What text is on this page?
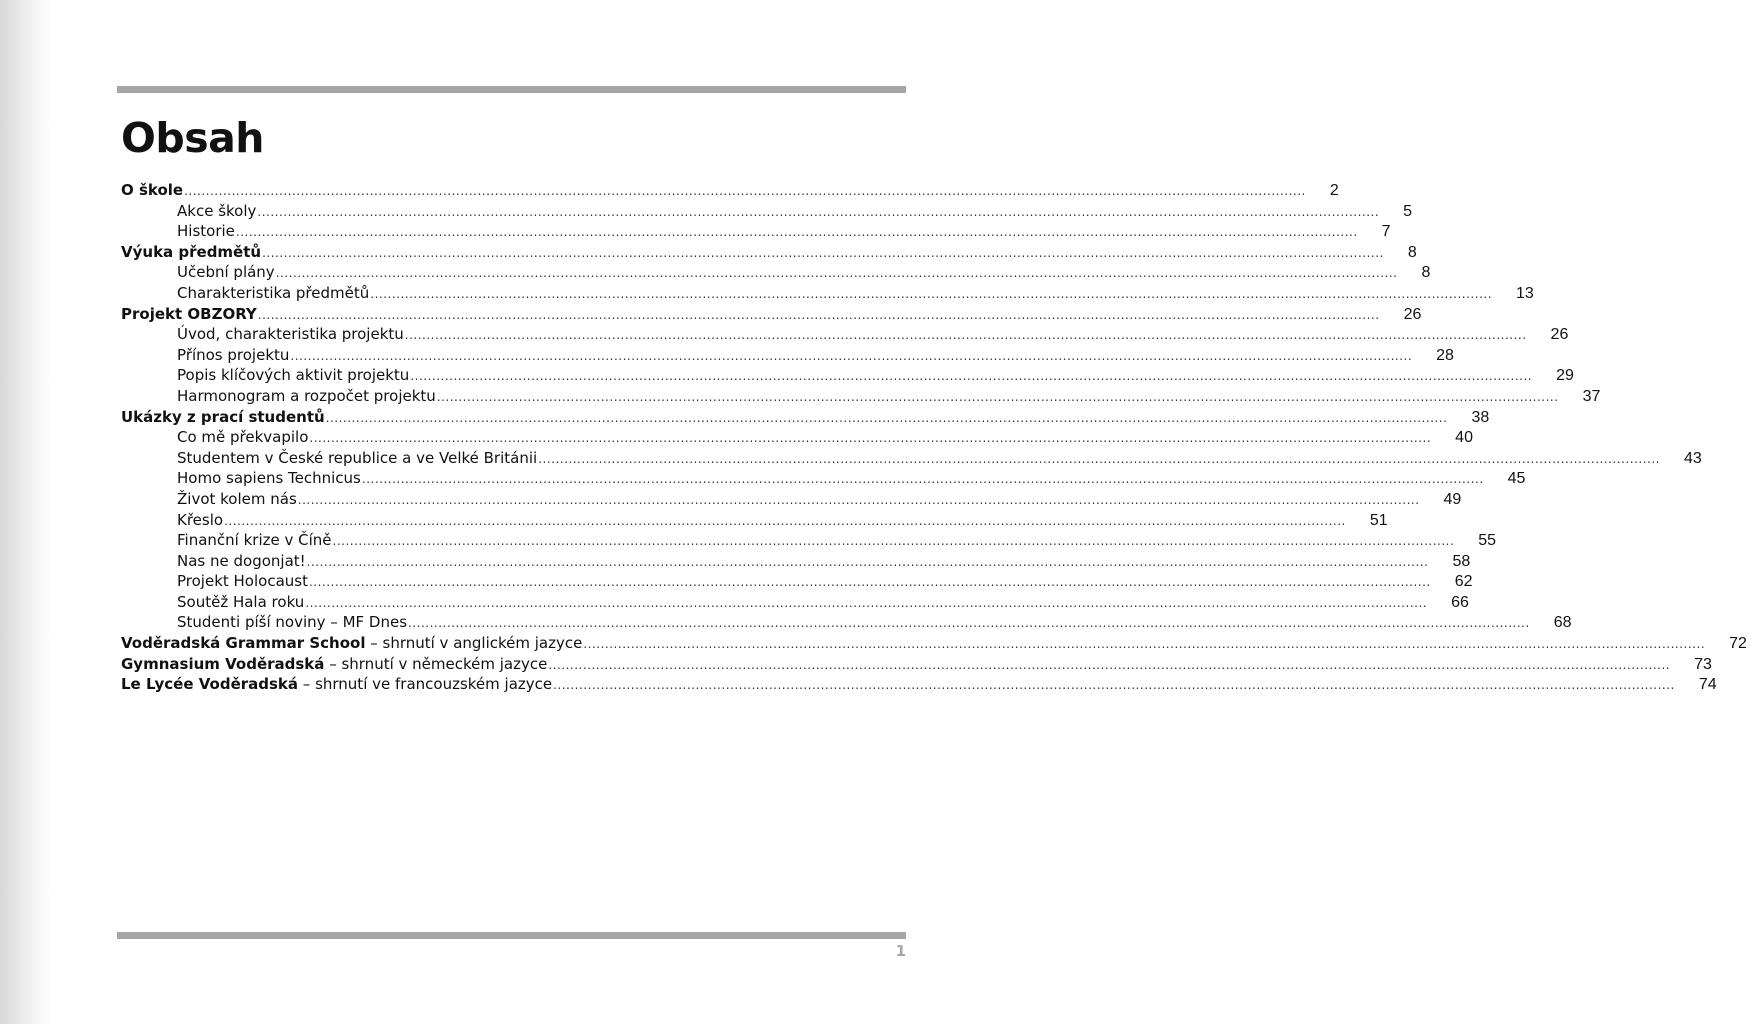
Obsah
O škole .................................................................................................................................................................................................................................................................... 2
Akce školy .................................................................................................................................................................................................................................................................... 5
Historie .................................................................................................................................................................................................................................................................... 7
Výuka předmětů .................................................................................................................................................................................................................................................................... 8
Učební plány .................................................................................................................................................................................................................................................................... 8
Charakteristika předmětů .................................................................................................................................................................................................................................................................... 13
Projekt OBZORY .................................................................................................................................................................................................................................................................... 26
Úvod, charakteristika projektu .................................................................................................................................................................................................................................................................... 26
Přínos projektu .................................................................................................................................................................................................................................................................... 28
Popis klíčových aktivit projektu .................................................................................................................................................................................................................................................................... 29
Harmonogram a rozpočet projektu .................................................................................................................................................................................................................................................................... 37
Ukázky z prací studentů .................................................................................................................................................................................................................................................................... 38
Co mě překvapilo .................................................................................................................................................................................................................................................................... 40
Studentem v České republice a ve Velké Británii .................................................................................................................................................................................................................................................................... 43
Homo sapiens Technicus .................................................................................................................................................................................................................................................................... 45
Život kolem nás .................................................................................................................................................................................................................................................................... 49
Křeslo .................................................................................................................................................................................................................................................................... 51
Finanční krize v Číně .................................................................................................................................................................................................................................................................... 55
Nas ne dogonjat! .................................................................................................................................................................................................................................................................... 58
Projekt Holocaust .................................................................................................................................................................................................................................................................... 62
Soutěž Hala roku .................................................................................................................................................................................................................................................................... 66
Studenti píší noviny – MF Dnes .................................................................................................................................................................................................................................................................... 68
Voděradská Grammar School – shrnutí v anglickém jazyce .................................................................................................................................................................................................................................................................... 72
Gymnasium Voděradská – shrnutí v německém jazyce .................................................................................................................................................................................................................................................................... 73
Le Lycée Voděradská – shrnutí ve francouzském jazyce .................................................................................................................................................................................................................................................................... 74
1
